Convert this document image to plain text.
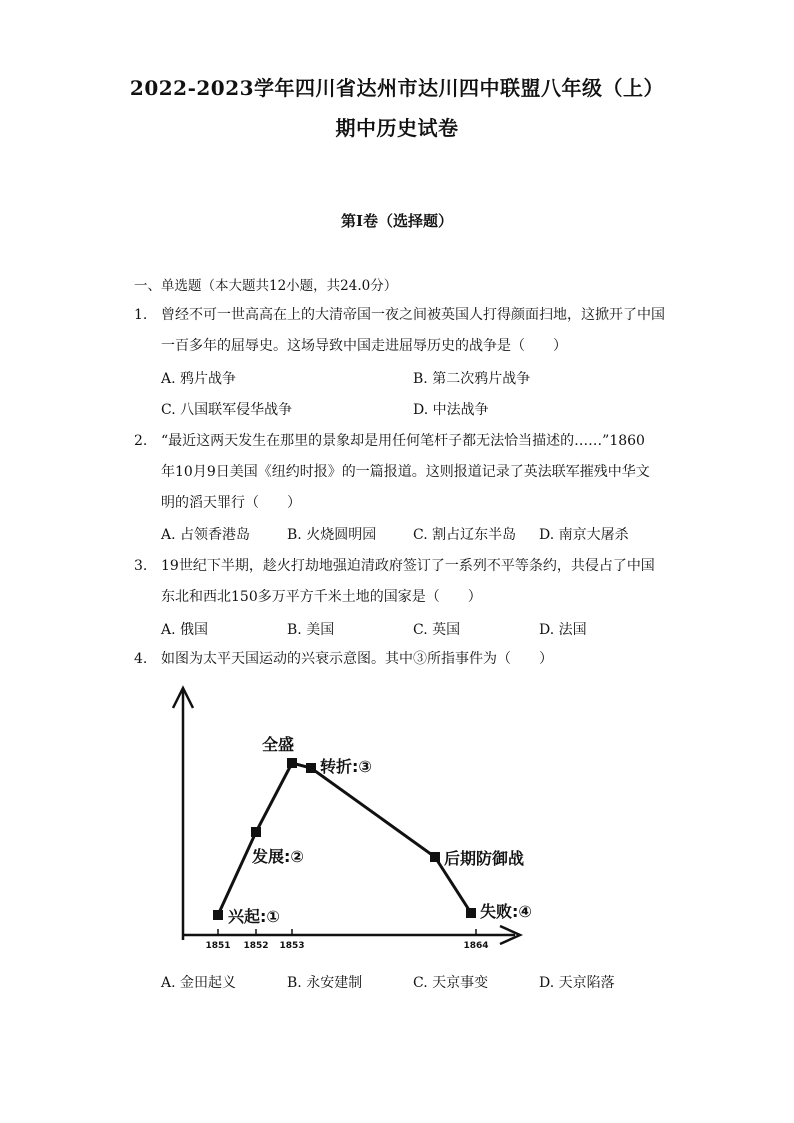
2022-2023学年四川省达州市达川四中联盟八年级（上）
期中历史试卷
第I卷（选择题）
一、单选题（本大题共12小题，共24.0分）
1. 曾经不可一世高高在上的大清帝国一夜之间被英国人打得颜面扫地，这掀开了中国
一百多年的屈辱史。这场导致中国走进屈辱历史的战争是（　　）
A. 鸦片战争	B. 第二次鸦片战争
C. 八国联军侵华战争	D. 中法战争
2. “最近这两天发生在那里的景象却是用任何笔杆子都无法恰当描述的……”1860
年10月9日美国《纽约时报》的一篇报道。这则报道记录了英法联军摧残中华文
明的滔天罪行（　　）
A. 占领香港岛	B. 火烧圆明园	C. 割占辽东半岛 D. 南京大屠杀
3. 19世纪下半期，趁火打劫地强迫清政府签订了一系列不平等条约，共侵占了中国
东北和西北150多万平方千米土地的国家是（　　）
A. 俄国	B. 美国	C. 英国	D. 法国
4. 如图为太平天国运动的兴衰示意图。其中③所指事件为（　　）
兴起:①
发展:②
全盛
转折:③
后期防御战
失败:④
1851 1852 1853	1864
A. 金田起义	B. 永安建制	C. 天京事变	D. 天京陷落
